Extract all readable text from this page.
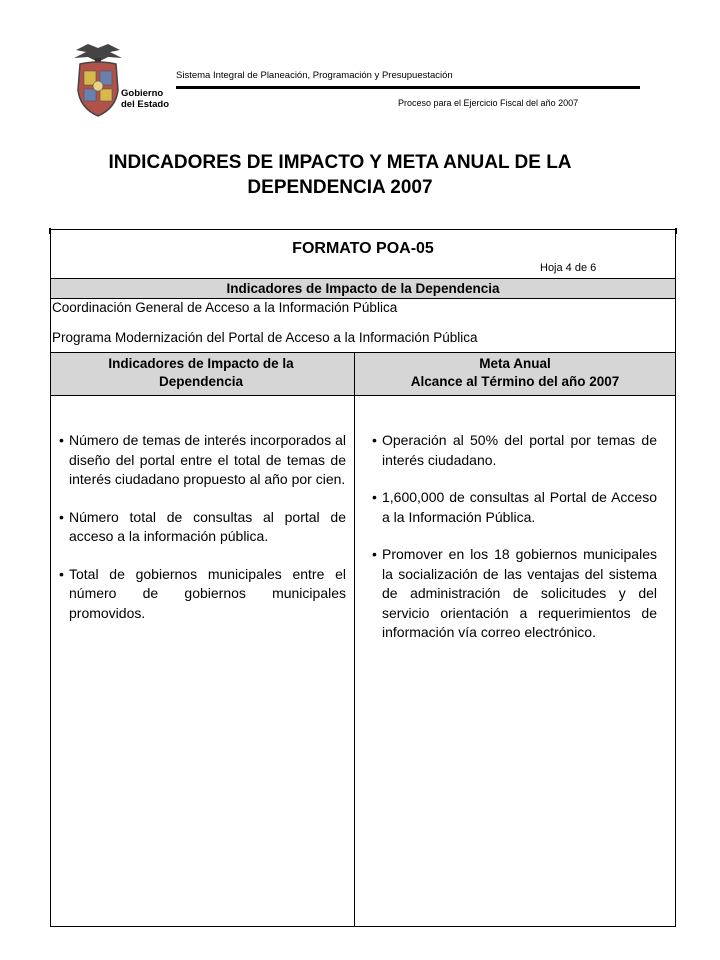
Gobierno
del Estado
Sistema Integral de Planeación, Programación y Presupuestación
Proceso para el Ejercicio Fiscal del año 2007
INDICADORES DE IMPACTO Y META ANUAL DE LA
DEPENDENCIA 2007
FORMATO POA-05
Hoja 4 de 6
Indicadores de Impacto de la Dependencia
Coordinación General de Acceso a la Información Pública
Programa Modernización del Portal de Acceso a la Información Pública
Indicadores de Impacto de la
Dependencia
Meta Anual
Alcance al Término del año 2007
• Número de temas de interés incorporados al diseño del portal entre el total de temas de interés ciudadano propuesto al año por cien.
• Número total de consultas al portal de acceso a la información pública.
• Total de gobiernos municipales entre el número de gobiernos municipales promovidos.
• Operación al 50% del portal por temas de interés ciudadano.
• 1,600,000 de consultas al Portal de Acceso a la Información Pública.
• Promover en los 18 gobiernos municipales la socialización de las ventajas del sistema de administración de solicitudes y del servicio orientación a requerimientos de información vía correo electrónico.
